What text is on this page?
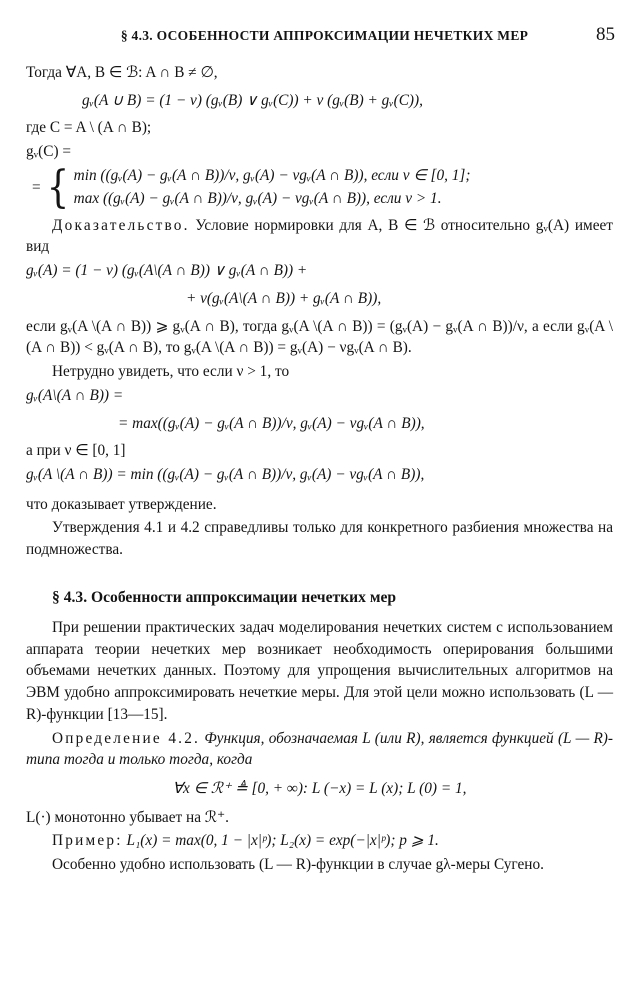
§ 4.3. ОСОБЕННОСТИ АППРОКСИМАЦИИ НЕЧЕТКИХ МЕР	85
Тогда ∀A, B ∈ ℬ: A ∩ B ≠ ∅,
gᵥ(A ∪ B) = (1 − ν) (gᵥ(B) ∨ gᵥ(C)) + ν (gᵥ(B) + gᵥ(C)),
где C = A \ (A ∩ B);
gᵥ(C) =
= { min ((gᵥ(A) − gᵥ(A ∩ B))/ν, gᵥ(A) − νgᵥ(A ∩ B)), если ν ∈ [0, 1];
max ((gᵥ(A) − gᵥ(A ∩ B))/ν, gᵥ(A) − νgᵥ(A ∩ B)), если ν > 1.
Доказательство. Условие нормировки для A, B ∈ ℬ относительно gᵥ(A) имеет вид
gᵥ(A) = (1 − ν) (gᵥ(A\(A ∩ B)) ∨ gᵥ(A ∩ B)) +
+ ν(gᵥ(A\(A ∩ B)) + gᵥ(A ∩ B)),
если gᵥ(A \(A ∩ B)) ⩾ gᵥ(A ∩ B), тогда gᵥ(A \(A ∩ B)) = (gᵥ(A) − gᵥ(A ∩ B))/ν, а если gᵥ(A \(A ∩ B)) < gᵥ(A ∩ B), то gᵥ(A \(A ∩ B)) = gᵥ(A) − νgᵥ(A ∩ B).
Нетрудно увидеть, что если ν > 1, то
gᵥ(A\(A ∩ B)) =
= max((gᵥ(A) − gᵥ(A ∩ B))/ν, gᵥ(A) − νgᵥ(A ∩ B)),
а при ν ∈ [0, 1]
gᵥ(A \(A ∩ B)) = min ((gᵥ(A) − gᵥ(A ∩ B))/ν, gᵥ(A) − νgᵥ(A ∩ B)),
что доказывает утверждение.
Утверждения 4.1 и 4.2 справедливы только для конкретного разбиения множества на подмножества.
§ 4.3. Особенности аппроксимации нечетких мер
При решении практических задач моделирования нечетких систем с использованием аппарата теории нечетких мер возникает необходимость оперирования большими объемами нечетких данных. Поэтому для упрощения вычислительных алгоритмов на ЭВМ удобно аппроксимировать нечеткие меры. Для этой цели можно использовать (L — R)-функции [13—15].
Определение 4.2. Функция, обозначаемая L (или R), является функцией (L — R)-типа тогда и только тогда, когда
∀x ∈ ℛ⁺ ≜ [0, + ∞): L (−x) = L (x); L (0) = 1,
L(·) монотонно убывает на ℛ⁺.
Пример: L₁(x) = max(0, 1 − |x|ᵖ); L₂(x) = exp(−|x|ᵖ); p ⩾ 1.
Особенно удобно использовать (L — R)-функции в случае gλ-меры Сугено.
